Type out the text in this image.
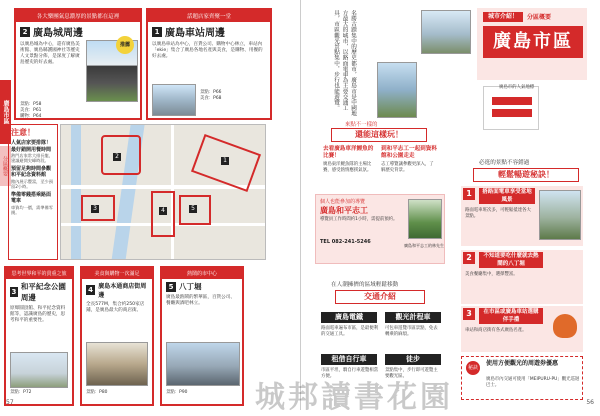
廣島市區
分區概要
各大樂團氣息濃厚的景點都在這裡
2 廣島城周邊
以廣島城為中心，還有廣島美術館、廣島縣護國神社等歷史人文景點分佈，是深度了解廣島歷史的好去處。
推薦
景點：P58
美食：P61
購物：P64
話題店家齊聚一堂
1 廣島車站周邊
以廣島車站為中心，百貨公司、購物中心林立，車站內「ekie」集合了廣島各地名產與美食，是購物、用餐的好去處。
景點：P66
美食：P68
注意！
人氣店家要排隊！最好錯開用餐時間
熱門店家常大排長龍，建議避開尖峰時段。
預留足夠時間參觀和平紀念資料館
館內展示豐富，至少預留2小時。
準備零錢搭乘路面電車
車資均一價，需準備零錢。
2
1
3	4	5
思考世界和平的貴重之旅
3
和平紀念公園周邊
原爆圓頂館、和平紀念資料館等，認識廣島的歷史，思考和平的重要性。
景點：P72
美食與購物一次滿足
4 廣島本通商店街周邊
全長577M，集合約250家店鋪，是廣島最大的商店街。
景點：P80
熱鬧的市中心
5 八丁堀
廣島最熱鬧的繁華區，百貨公司、餐廳與酒吧林立。
景點：P90
57
名勝古蹟集中的歷史都市，廣島市是中國地方最大的城市，以路面電車為主要交通工具，市區觀光景點集中，步行也能遊覽。	城市介紹！	分區概要
廣島市區
廣島市的人氣地標
來點不一樣的
還能這樣玩！
去看廣島車洋鯉魚的比賽！
廣島東洋鯉魚隊的主場比賽，感受熱情應援氣氛。
到和平志工一起到資料館和公園走走
志工導覽讓參觀更深入，了解歷史背景。
個人也能參加的導覽
廣島和平志工
導覽員工作時間約1小時，需提前預約。
TEL 082-241-5246
廣島和平志工的林先生
在人潮擁擠的區域輕鬆移動
交通介紹
廣島電鐵
路面電車遍布市區，是最便利的交通工具。
觀光計程車
可包車遊覽市區景點，免去轉乘的麻煩。
租借自行車
市區平坦，騎自行車遊覽相當方便。
徒步
景點集中，步行即可遊覽主要觀光區。
必逛的景點不容錯過
輕鬆暢遊秘訣！
1	搭路面電車享受當地風景
路面電車班次多，可輕鬆抵達各大景點。
2	不知道要吃什麼就去熱鬧的八丁堀
美食餐廳集中，選擇豐富。
3	在市區或廣島車站選購伴手禮
車站和商店街有各式廣島名產。
秘訣
使用方便觀光的周遊券優惠
廣島市內交通可使用「MEIPURU-PU」觀光巡迴巴士。
56
城邦讀書花園
